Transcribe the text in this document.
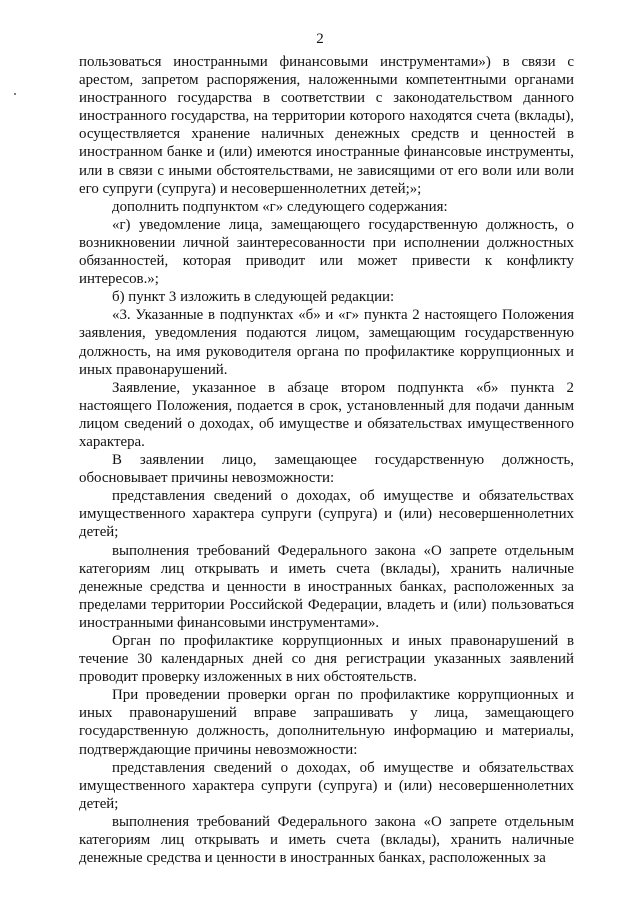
2

пользоваться иностранными финансовыми инструментами») в связи с арестом, запретом распоряжения, наложенными компетентными органами иностранного государства в соответствии с законодательством данного иностранного государства, на территории которого находятся счета (вклады), осуществляется хранение наличных денежных средств и ценностей в иностранном банке и (или) имеются иностранные финансовые инструменты, или в связи с иными обстоятельствами, не зависящими от его воли или воли его супруги (супруга) и несовершеннолетних детей;»;

дополнить подпунктом «г» следующего содержания:

«г) уведомление лица, замещающего государственную должность, о возникновении личной заинтересованности при исполнении должностных обязанностей, которая приводит или может привести к конфликту интересов.»;

б) пункт 3 изложить в следующей редакции:

«3. Указанные в подпунктах «б» и «г» пункта 2 настоящего Положения заявления, уведомления подаются лицом, замещающим государственную должность, на имя руководителя органа по профилактике коррупционных и иных правонарушений.

Заявление, указанное в абзаце втором подпункта «б» пункта 2 настоящего Положения, подается в срок, установленный для подачи данным лицом сведений о доходах, об имуществе и обязательствах имущественного характера.

В заявлении лицо, замещающее государственную должность, обосновывает причины невозможности:

представления сведений о доходах, об имуществе и обязательствах имущественного характера супруги (супруга) и (или) несовершеннолетних детей;

выполнения требований Федерального закона «О запрете отдельным категориям лиц открывать и иметь счета (вклады), хранить наличные денежные средства и ценности в иностранных банках, расположенных за пределами территории Российской Федерации, владеть и (или) пользоваться иностранными финансовыми инструментами».

Орган по профилактике коррупционных и иных правонарушений в течение 30 календарных дней со дня регистрации указанных заявлений проводит проверку изложенных в них обстоятельств.

При проведении проверки орган по профилактике коррупционных и иных правонарушений вправе запрашивать у лица, замещающего государственную должность, дополнительную информацию и материалы, подтверждающие причины невозможности:

представления сведений о доходах, об имуществе и обязательствах имущественного характера супруги (супруга) и (или) несовершеннолетних детей;

выполнения требований Федерального закона «О запрете отдельным категориям лиц открывать и иметь счета (вклады), хранить наличные денежные средства и ценности в иностранных банках, расположенных за
